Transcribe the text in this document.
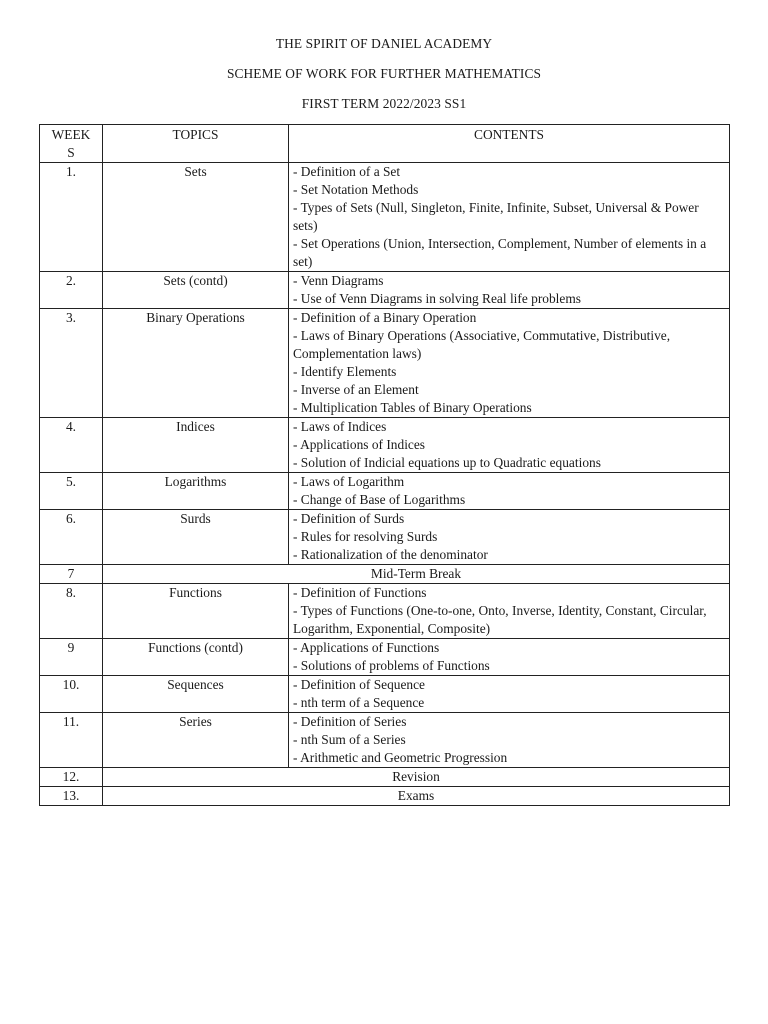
THE SPIRIT OF DANIEL ACADEMY
SCHEME OF WORK FOR FURTHER MATHEMATICS
FIRST TERM 2022/2023 SS1
WEEK
S	TOPICS	CONTENTS
1.	Sets	- Definition of a Set
- Set Notation Methods
- Types of Sets (Null, Singleton, Finite, Infinite, Subset, Universal & Power sets)
- Set Operations (Union, Intersection, Complement, Number of elements in a set)

2.	Sets (contd)	- Venn Diagrams
- Use of Venn Diagrams in solving Real life problems

3.	Binary Operations	- Definition of a Binary Operation
- Laws of Binary Operations (Associative, Commutative, Distributive, Complementation laws)
- Identify Elements
- Inverse of an Element
- Multiplication Tables of Binary Operations

4.	Indices	- Laws of Indices
- Applications of Indices
- Solution of Indicial equations up to Quadratic equations

5.	Logarithms	- Laws of Logarithm
- Change of Base of Logarithms

6.	Surds	- Definition of Surds
- Rules for resolving Surds
- Rationalization of the denominator

7	Mid-Term Break	
8.	Functions	- Definition of Functions
- Types of Functions (One-to-one, Onto, Inverse, Identity, Constant, Circular, Logarithm, Exponential, Composite)

9	Functions (contd)	- Applications of Functions
- Solutions of problems of Functions

10.	Sequences	- Definition of Sequence
- nth term of a Sequence

11.	Series	- Definition of Series
- nth Sum of a Series
- Arithmetic and Geometric Progression

12.	Revision	
13.	Exams	
